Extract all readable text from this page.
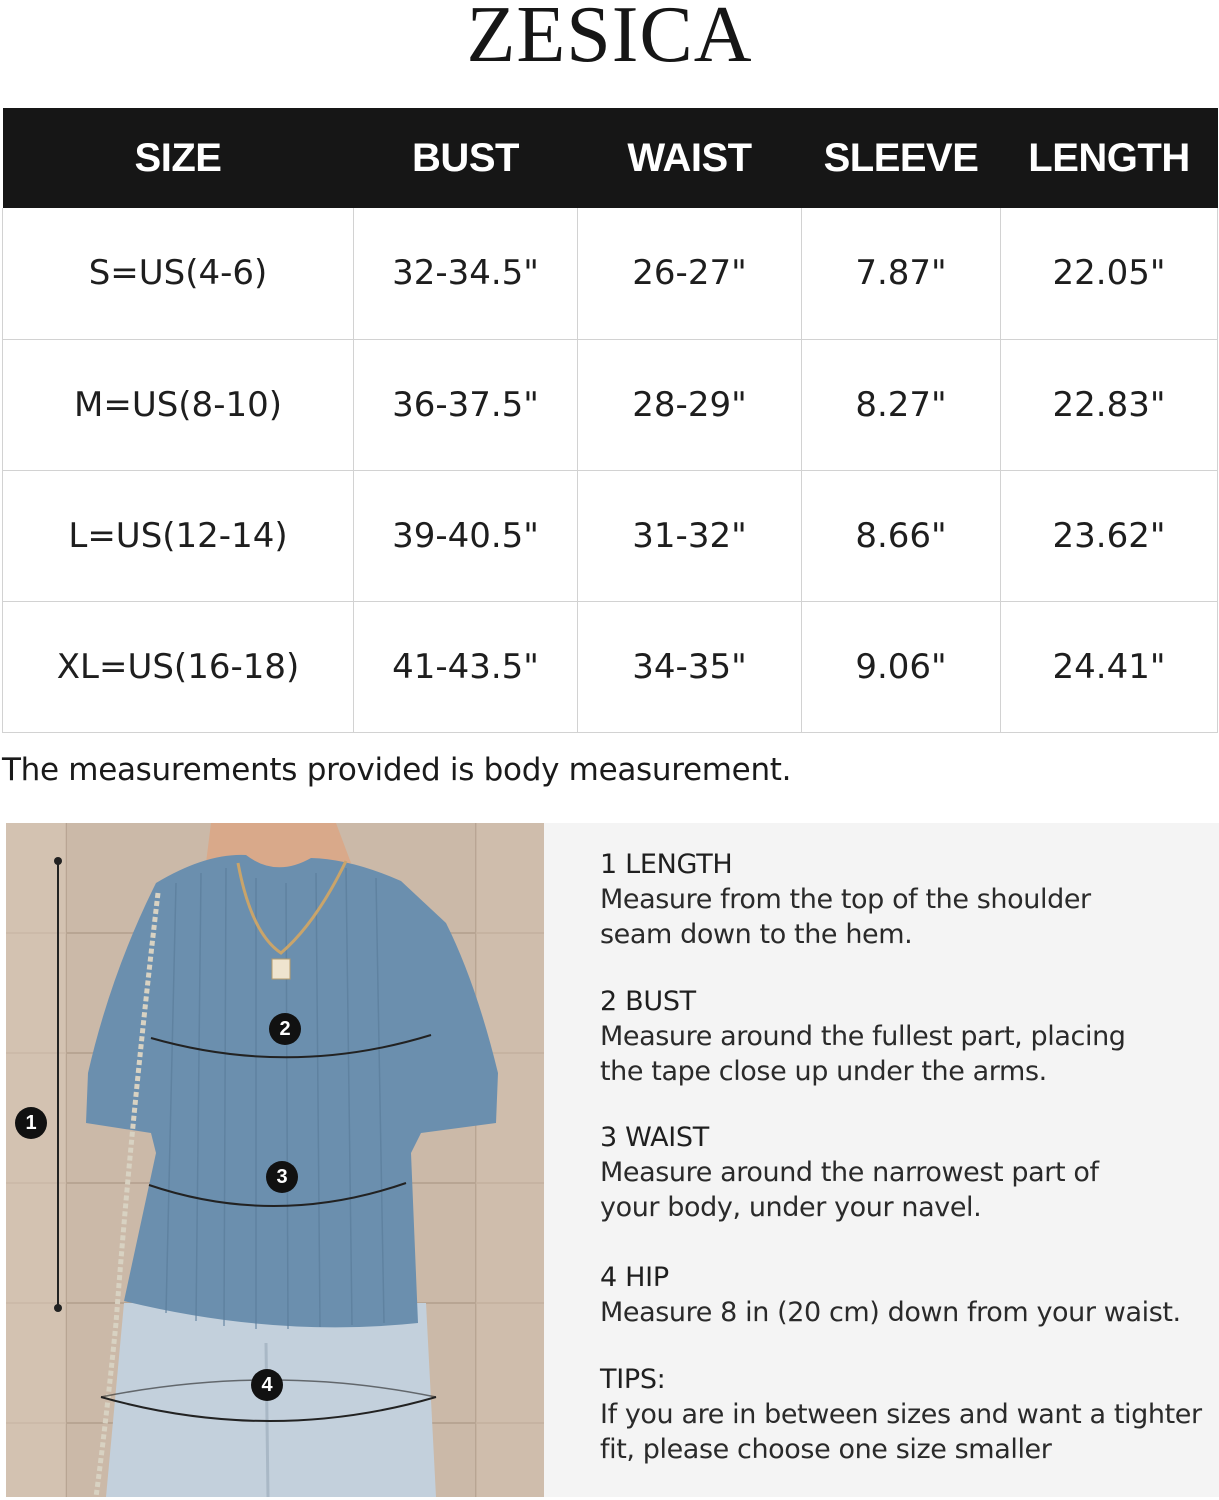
ZESICA
SIZE	BUST	WAIST	SLEEVE	LENGTH
S=US(4-6)	32-34.5"	26-27"	7.87"	22.05"
M=US(8-10)	36-37.5"	28-29"	8.27"	22.83"
L=US(12-14)	39-40.5"	31-32"	8.66"	23.62"
XL=US(16-18)	41-43.5"	34-35"	9.06"	24.41"
The measurements provided is body measurement.
1
2
3
4
1 LENGTH
Measure from the top of the shoulder
seam down to the hem.
2 BUST
Measure around the fullest part, placing
the tape close up under the arms.
3 WAIST
Measure around the narrowest part of
your body, under your navel.
4 HIP
Measure 8 in (20 cm) down from your waist.
TIPS:
If you are in between sizes and want a tighter
fit, please choose one size smaller
